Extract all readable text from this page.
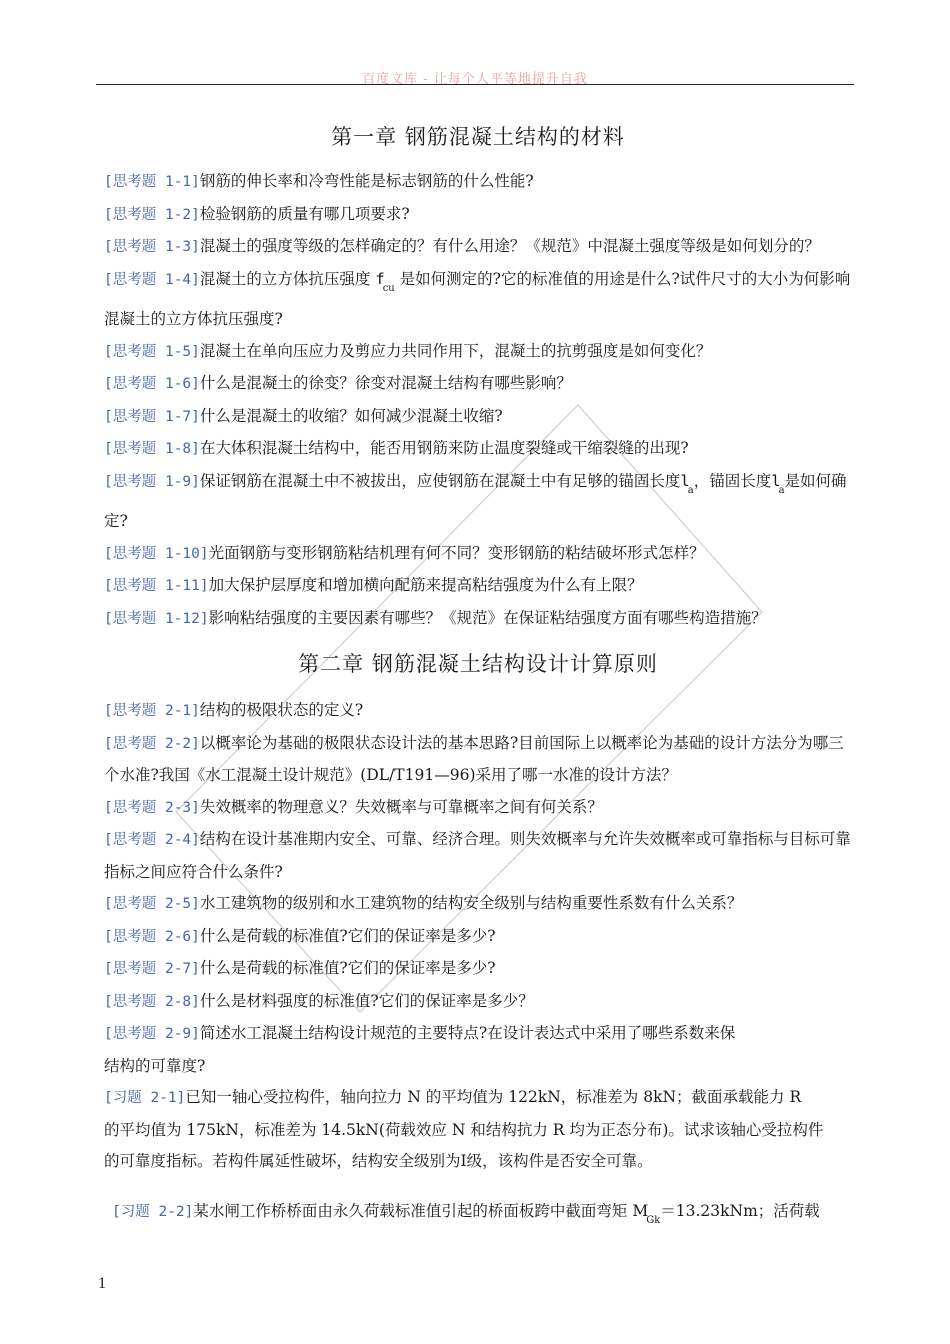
百度文库 - 让每个人平等地提升自我
第一章 钢筋混凝土结构的材料

[思考题 1-1]钢筋的伸长率和冷弯性能是标志钢筋的什么性能?

[思考题 1-2]检验钢筋的质量有哪几项要求?

[思考题 1-3]混凝土的强度等级的怎样确定的？有什么用途？《规范》中混凝土强度等级是如何划分的？

[思考题 1-4]混凝土的立方体抗压强度 $f_{cu}$ 是如何测定的?它的标准值的用途是什么?试件尺寸的大小为何影响混凝土的立方体抗压强度?

[思考题 1-5]混凝土在单向压应力及剪应力共同作用下，混凝土的抗剪强度是如何变化？

[思考题 1-6]什么是混凝土的徐变？徐变对混凝土结构有哪些影响？

[思考题 1-7]什么是混凝土的收缩？如何减少混凝土收缩?

[思考题 1-8]在大体积混凝土结构中，能否用钢筋来防止温度裂缝或干缩裂缝的出现?

[思考题 1-9]保证钢筋在混凝土中不被拔出，应使钢筋在混凝土中有足够的锚固长度$l_a$，锚固长度$l_a$是如何确定?

[思考题 1-10]光面钢筋与变形钢筋粘结机理有何不同？变形钢筋的粘结破坏形式怎样？

[思考题 1-11]加大保护层厚度和增加横向配筋来提高粘结强度为什么有上限？

[思考题 1-12]影响粘结强度的主要因素有哪些？《规范》在保证粘结强度方面有哪些构造措施？

第二章 钢筋混凝土结构设计计算原则

[思考题 2-1]结构的极限状态的定义?

[思考题 2-2]以概率论为基础的极限状态设计法的基本思路?目前国际上以概率论为基础的设计方法分为哪三个水准?我国《水工混凝土设计规范》(DL/T191—96)采用了哪一水准的设计方法？

[思考题 2-3]失效概率的物理意义？失效概率与可靠概率之间有何关系？

[思考题 2-4]结构在设计基准期内安全、可靠、经济合理。则失效概率与允许失效概率或可靠指标与目标可靠指标之间应符合什么条件?

[思考题 2-5]水工建筑物的级别和水工建筑物的结构安全级别与结构重要性系数有什么关系？

[思考题 2-6]什么是荷载的标准值?它们的保证率是多少?

[思考题 2-7]什么是荷载的标准值?它们的保证率是多少?

[思考题 2-8]什么是材料强度的标准值?它们的保证率是多少？

[思考题 2-9]简述水工混凝土结构设计规范的主要特点?在设计表达式中采用了哪些系数来保

结构的可靠度?

[习题 2-1]已知一轴心受拉构件，轴向拉力 N 的平均值为 122kN，标准差为 8kN；截面承载能力 R

的平均值为 175kN，标准差为 14.5kN(荷载效应 N 和结构抗力 R 均为正态分布)。试求该轴心受拉构件

的可靠度指标。若构件属延性破坏，结构安全级别为Ⅰ级，该构件是否安全可靠。

[习题 2-2]某水闸工作桥桥面由永久荷载标准值引起的桥面板跨中截面弯矩 $M_{Gk}=13.23kNm$；活荷载

1
